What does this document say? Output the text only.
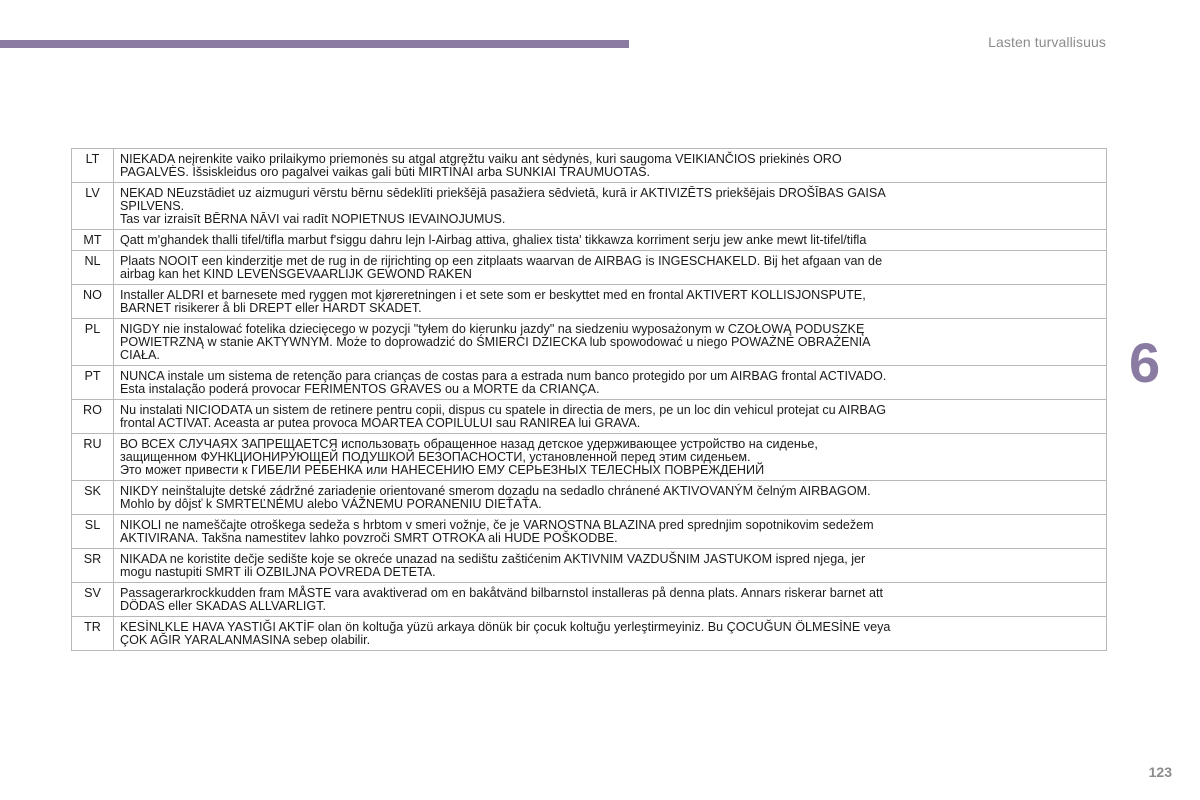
Lasten turvallisuus
LT	NIEKADA neįrenkite vaiko prilaikymo priemonės su atgal atgręžtu vaiku ant sėdynės, kuri saugoma VEIKIANČIOS priekinės ORO
PAGALVĖS. Išsiskleidus oro pagalvei vaikas gali būti MIRTINAI arba SUNKIAI TRAUMUOTAS.
LV	NEKAD NEuzstādiet uz aizmuguri vērstu bērnu sēdeklīti priekšējā pasažiera sēdvietā, kurā ir AKTIVIZĒTS priekšējais DROŠĪBAS GAISA
SPILVENS.
Tas var izraisīt BĒRNA NĀVI vai radīt NOPIETNUS IEVAINOJUMUS.
MT	Qatt m'ghandek thalli tifel/tifla marbut f'siggu dahru lejn l-Airbag attiva, ghaliex tista' tikkawza korriment serju jew anke mewt lit-tifel/tifla
NL	Plaats NOOIT een kinderzitje met de rug in de rijrichting op een zitplaats waarvan de AIRBAG is INGESCHAKELD. Bij het afgaan van de
airbag kan het KIND LEVENSGEVAARLIJK GEWOND RAKEN
NO	Installer ALDRI et barnesete med ryggen mot kjøreretningen i et sete som er beskyttet med en frontal AKTIVERT KOLLISJONSPUTE,
BARNET risikerer å bli DREPT eller HARDT SKADET.
PL	NIGDY nie instalować fotelika dziecięcego w pozycji "tyłem do kierunku jazdy" na siedzeniu wyposażonym w CZOŁOWĄ PODUSZKĘ
POWIETRZNĄ w stanie AKTYWNYM. Może to doprowadzić do ŚMIERCI DZIECKA lub spowodować u niego POWAŻNE OBRAŻENIA
CIAŁA.
PT	NUNCA instale um sistema de retenção para crianças de costas para a estrada num banco protegido por um AIRBAG frontal ACTIVADO.
Esta instalação poderá provocar FERIMENTOS GRAVES ou a MORTE da CRIANÇA.
RO	Nu instalati NICIODATA un sistem de retinere pentru copii, dispus cu spatele in directia de mers, pe un loc din vehicul protejat cu AIRBAG
frontal ACTIVAT. Aceasta ar putea provoca MOARTEA COPILULUI sau RANIREA lui GRAVA.
RU	ВО ВСЕХ СЛУЧАЯХ ЗАПРЕЩАЕТСЯ использовать обращенное назад детское удерживающее устройство на сиденье,
защищенном ФУНКЦИОНИРУЮЩЕЙ ПОДУШКОЙ БЕЗОПАСНОСТИ, установленной перед этим сиденьем.
Это может привести к ГИБЕЛИ РЕБЕНКА или НАНЕСЕНИЮ ЕМУ СЕРЬЕЗНЫХ ТЕЛЕСНЫХ ПОВРЕЖДЕНИЙ
SK	NIKDY neinštalujte detské zádržné zariadenie orientované smerom dozadu na sedadlo chránené AKTIVOVANÝM čelným AIRBAGOM.
Mohlo by dôjsť k SMRTEĽNÉMU alebo VÁŽNEMU PORANENIU DIEŤAŤA.
SL	NIKOLI ne nameščajte otroškega sedeža s hrbtom v smeri vožnje, če je VARNOSTNA BLAZINA pred sprednjim sopotnikovim sedežem
AKTIVIRANA. Takšna namestitev lahko povzroči SMRT OTROKA ali HUDE POŠKODBE.
SR	NIKADA ne koristite dečje sedište koje se okreće unazad na sedištu zaštićenim AKTIVNIM VAZDUŠNIM JASTUKOM ispred njega, jer
mogu nastupiti SMRT ili OZBILJNA POVREDA DETETA.
SV	Passagerarkrockkudden fram MÅSTE vara avaktiverad om en bakåtvänd bilbarnstol installeras på denna plats. Annars riskerar barnet att
DÖDAS eller SKADAS ALLVARLIGT.
TR	KESİNLKLE HAVA YASTIĞI AKTİF olan ön koltuğa yüzü arkaya dönük bir çocuk koltuğu yerleştirmeyiniz. Bu ÇOCUĞUN ÖLMESİNE veya
ÇOK AĞIR YARALANMASINA sebep olabilir.
6
123
